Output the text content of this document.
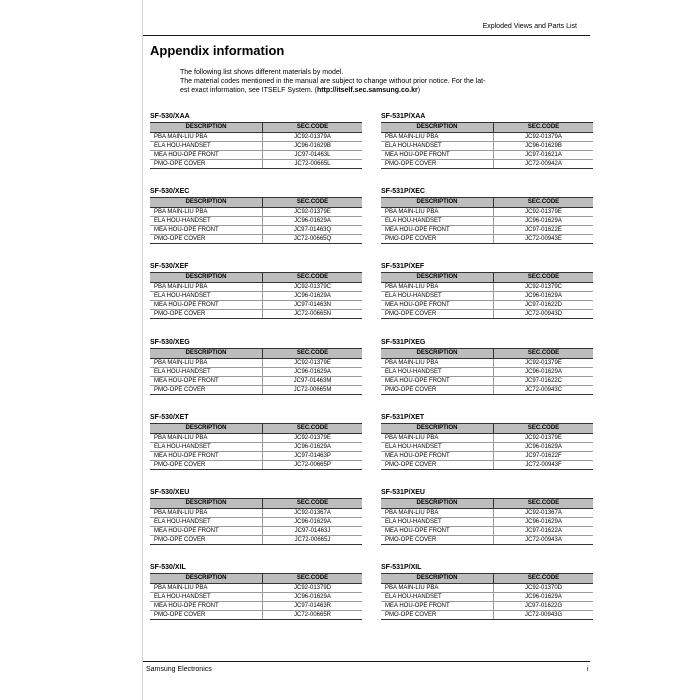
Exploded Views and Parts List
Appendix information
The following list shows different materials by model.
The material codes mentioned in the manual are subject to change without prior notice. For the lat-
est exact information, see ITSELF System. (http://itself.sec.samsung.co.kr)
SF-530/XAA
DESCRIPTION	SEC.CODE
PBA MAIN-LIU PBA	JC92-01379A
ELA HOU-HANDSET	JC96-01629B
MEA HOU-OPE FRONT	JC97-01463L
PMO-OPE COVER	JC72-00665L
SF-530/XEC
DESCRIPTION	SEC.CODE
PBA MAIN-LIU PBA	JC92-01379E
ELA HOU-HANDSET	JC96-01629A
MEA HOU-OPE FRONT	JC97-01463Q
PMO-OPE COVER	JC72-00665Q
SF-530/XEF
DESCRIPTION	SEC.CODE
PBA MAIN-LIU PBA	JC92-01379C
ELA HOU-HANDSET	JC96-01629A
MEA HOU-OPE FRONT	JC97-01463N
PMO-OPE COVER	JC72-00665N
SF-530/XEG
DESCRIPTION	SEC.CODE
PBA MAIN-LIU PBA	JC92-01379E
ELA HOU-HANDSET	JC96-01629A
MEA HOU-OPE FRONT	JC97-01463M
PMO-OPE COVER	JC72-00665M
SF-530/XET
DESCRIPTION	SEC.CODE
PBA MAIN-LIU PBA	JC92-01379E
ELA HOU-HANDSET	JC96-01629A
MEA HOU-OPE FRONT	JC97-01463P
PMO-OPE COVER	JC72-00665P
SF-530/XEU
DESCRIPTION	SEC.CODE
PBA MAIN-LIU PBA	JC92-01367A
ELA HOU-HANDSET	JC96-01629A
MEA HOU-OPE FRONT	JC97-01463J
PMO-OPE COVER	JC72-00665J
SF-530/XIL
DESCRIPTION	SEC.CODE
PBA MAIN-LIU PBA	JC92-01379D
ELA HOU-HANDSET	JC96-01629A
MEA HOU-OPE FRONT	JC97-01463R
PMO-OPE COVER	JC72-00665R
SF-531P/XAA
DESCRIPTION	SEC.CODE
PBA MAIN-LIU PBA	JC92-01379A
ELA HOU-HANDSET	JC96-01629B
MEA HOU-OPE FRONT	JC97-01621A
PMO-OPE COVER	JC72-00942A
SF-531P/XEC
DESCRIPTION	SEC.CODE
PBA MAIN-LIU PBA	JC92-01379E
ELA HOU-HANDSET	JC96-01629A
MEA HOU-OPE FRONT	JC97-01622E
PMO-OPE COVER	JC72-00943E
SF-531P/XEF
DESCRIPTION	SEC.CODE
PBA MAIN-LIU PBA	JC92-01379C
ELA HOU-HANDSET	JC96-01629A
MEA HOU-OPE FRONT	JC97-01622D
PMO-OPE COVER	JC72-00943D
SF-531P/XEG
DESCRIPTION	SEC.CODE
PBA MAIN-LIU PBA	JC92-01379E
ELA HOU-HANDSET	JC96-01629A
MEA HOU-OPE FRONT	JC97-01622C
PMO-OPE COVER	JC72-00943C
SF-531P/XET
DESCRIPTION	SEC.CODE
PBA MAIN-LIU PBA	JC92-01379E
ELA HOU-HANDSET	JC96-01629A
MEA HOU-OPE FRONT	JC97-01622F
PMO-OPE COVER	JC72-00943F
SF-531P/XEU
DESCRIPTION	SEC.CODE
PBA MAIN-LIU PBA	JC92-01367A
ELA HOU-HANDSET	JC96-01629A
MEA HOU-OPE FRONT	JC97-01622A
PMO-OPE COVER	JC72-00943A
SF-531P/XIL
DESCRIPTION	SEC.CODE
PBA MAIN-LIU PBA	JC92-01370D
ELA HOU-HANDSET	JC96-01629A
MEA HOU-OPE FRONT	JC97-01622G
PMO-OPE COVER	JC72-00943G
Samsung Electronics	i
